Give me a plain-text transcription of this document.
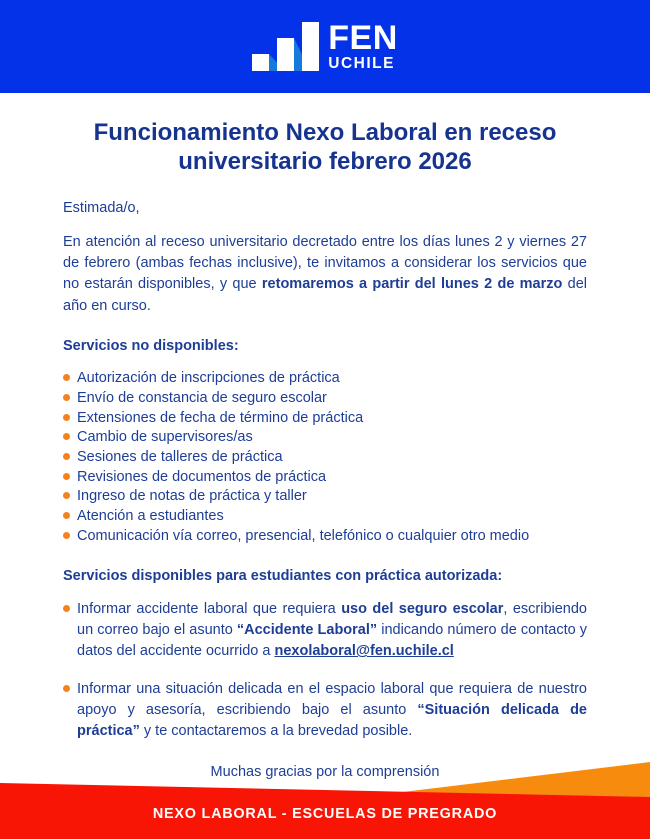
FEN
UCHILE
Funcionamiento Nexo Laboral en receso universitario febrero 2026

Estimada/o,

En atención al receso universitario decretado entre los días lunes 2 y viernes 27 de febrero (ambas fechas inclusive), te invitamos a considerar los servicios que no estarán disponibles, y que retomaremos a partir del lunes 2 de marzo del año en curso.

Servicios no disponibles:
Autorización de inscripciones de práctica
Envío de constancia de seguro escolar
Extensiones de fecha de término de práctica
Cambio de supervisores/as
Sesiones de talleres de práctica
Revisiones de documentos de práctica
Ingreso de notas de práctica y taller
Atención a estudiantes
Comunicación vía correo, presencial, telefónico o cualquier otro medio
Servicios disponibles para estudiantes con práctica autorizada:
Informar accidente laboral que requiera uso del seguro escolar, escribiendo un correo bajo el asunto “Accidente Laboral” indicando número de contacto y datos del accidente ocurrido a nexolaboral@fen.uchile.cl
Informar una situación delicada en el espacio laboral que requiera de nuestro apoyo y asesoría, escribiendo bajo el asunto “Situación delicada de práctica” y te contactaremos a la brevedad posible.

Muchas gracias por la comprensión

NEXO LABORAL - ESCUELAS DE PREGRADO
